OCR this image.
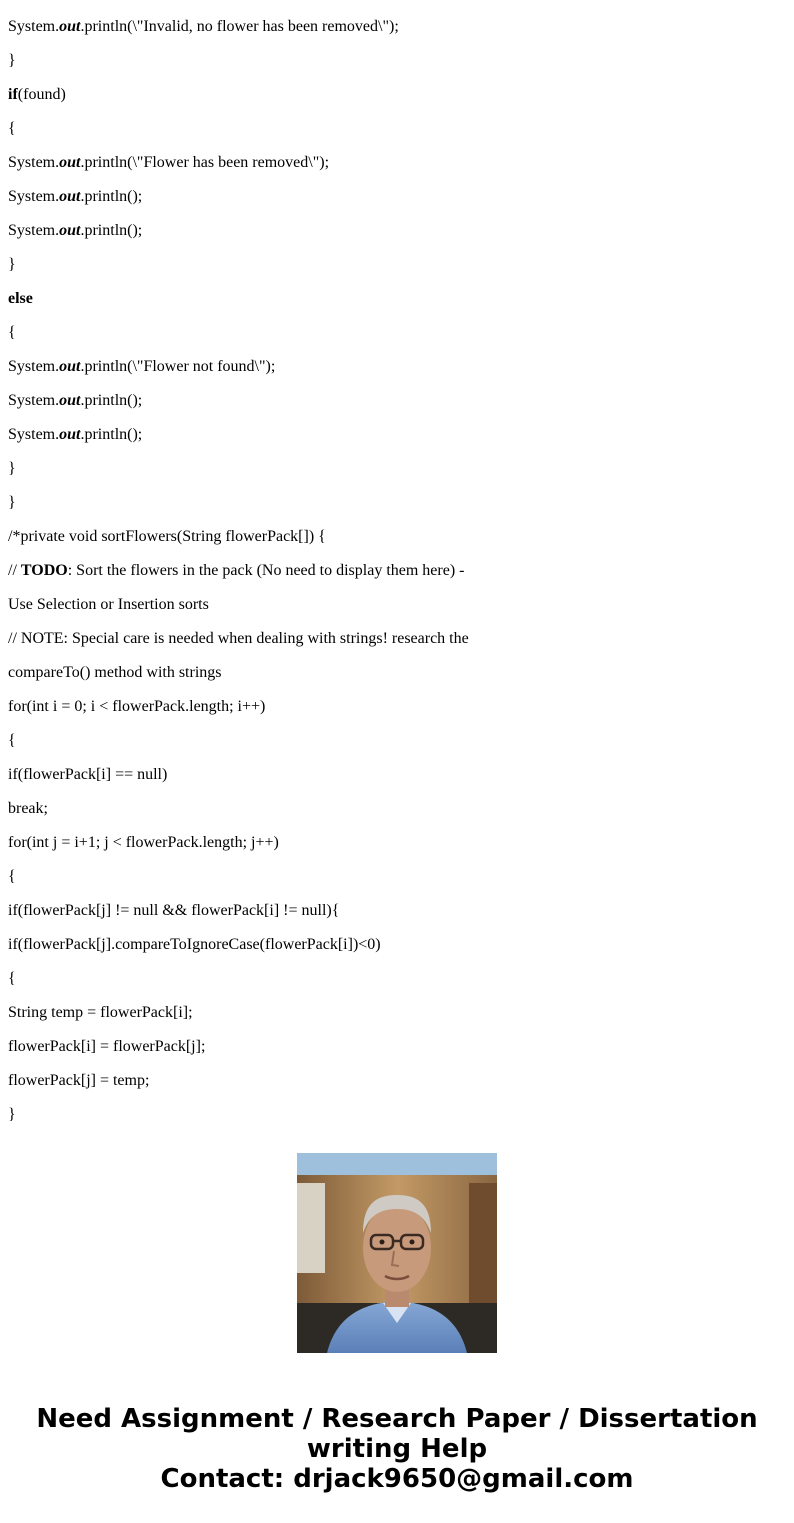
System.out.println(\"Invalid, no flower has been removed\");
}
if(found)
{
System.out.println(\"Flower has been removed\");
System.out.println();
System.out.println();
}
else
{
System.out.println(\"Flower not found\");
System.out.println();
System.out.println();
}
}
/*private void sortFlowers(String flowerPack[]) {
// TODO: Sort the flowers in the pack (No need to display them here) -
Use Selection or Insertion sorts
// NOTE: Special care is needed when dealing with strings! research the
compareTo() method with strings
for(int i = 0; i < flowerPack.length; i++)
{
if(flowerPack[i] == null)
break;
for(int j = i+1; j < flowerPack.length; j++)
{
if(flowerPack[j] != null && flowerPack[i] != null){
if(flowerPack[j].compareToIgnoreCase(flowerPack[i])<0)
{
String temp = flowerPack[i];
flowerPack[i] = flowerPack[j];
flowerPack[j] = temp;
}
Need Assignment / Research Paper / Dissertation
writing Help
Contact: drjack9650@gmail.com
